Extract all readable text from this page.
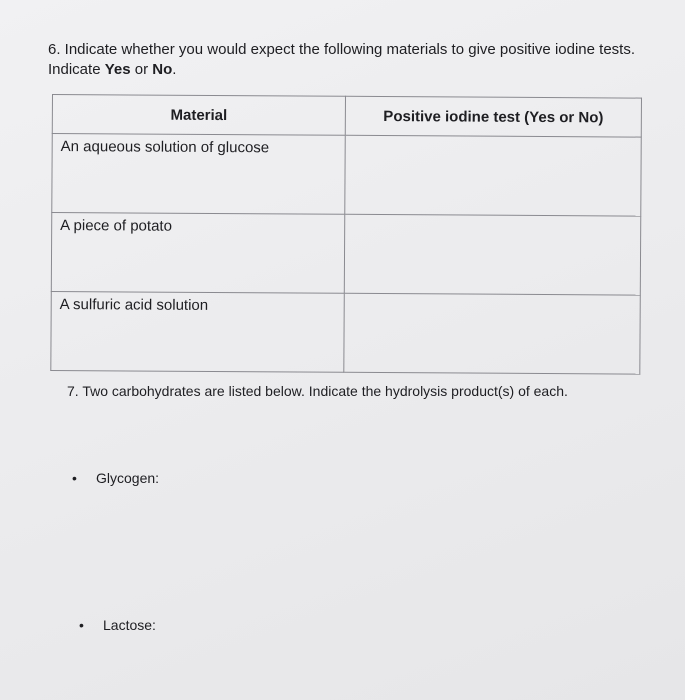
6. Indicate whether you would expect the following materials to give positive iodine tests. Indicate Yes or No.
Material	Positive iodine test (Yes or No)
An aqueous solution of glucose	
A piece of potato	
A sulfuric acid solution	
7. Two carbohydrates are listed below. Indicate the hydrolysis product(s) of each.
• Glycogen:
• Lactose:
